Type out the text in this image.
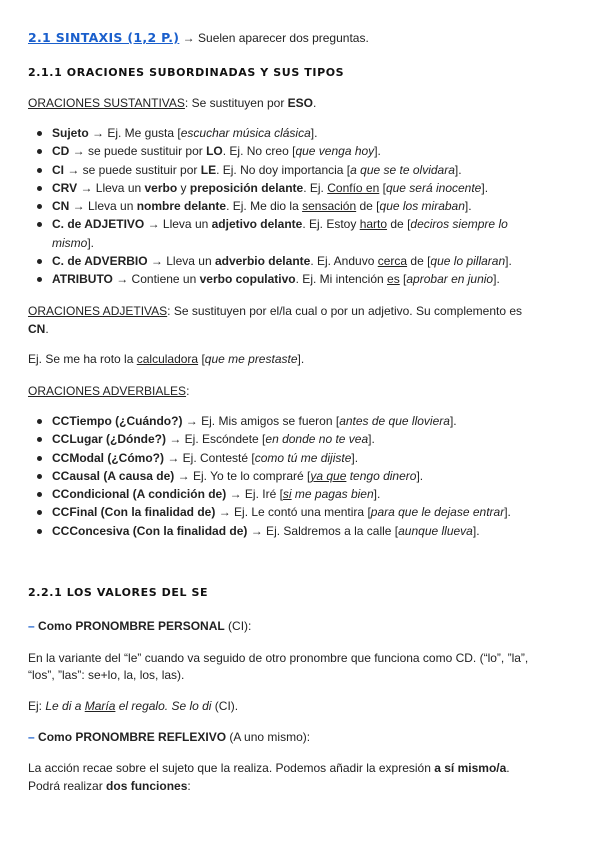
2.1 SINTAXIS (1,2 P.) → Suelen aparecer dos preguntas.
2.1.1 ORACIONES SUBORDINADAS Y SUS TIPOS
ORACIONES SUSTANTIVAS: Se sustituyen por ESO.
Sujeto → Ej. Me gusta [escuchar música clásica].
CD → se puede sustituir por LO. Ej. No creo [que venga hoy].
CI → se puede sustituir por LE. Ej. No doy importancia [a que se te olvidara].
CRV → Lleva un verbo y preposición delante. Ej. Confío en [que será inocente].
CN → Lleva un nombre delante. Ej. Me dio la sensación de [que los miraban].
C. de ADJETIVO → Lleva un adjetivo delante. Ej. Estoy harto de [deciros siempre lo
mismo].
C. de ADVERBIO → Lleva un adverbio delante. Ej. Anduvo cerca de [que lo pillaran].
ATRIBUTO → Contiene un verbo copulativo. Ej. Mi intención es [aprobar en junio].
ORACIONES ADJETIVAS: Se sustituyen por el/la cual o por un adjetivo. Su complemento es
CN.
Ej. Se me ha roto la calculadora [que me prestaste].
ORACIONES ADVERBIALES:
CCTiempo (¿Cuándo?) → Ej. Mis amigos se fueron [antes de que lloviera].
CCLugar (¿Dónde?) → Ej. Escóndete [en donde no te vea].
CCModal (¿Cómo?) → Ej. Contesté [como tú me dijiste].
CCausal (A causa de) → Ej. Yo te lo compraré [ya que tengo dinero].
CCondicional (A condición de) → Ej. Iré [si me pagas bien].
CCFinal (Con la finalidad de) → Ej. Le contó una mentira [para que le dejase entrar].
CCConcesiva (Con la finalidad de) → Ej. Saldremos a la calle [aunque llueva].
2.2.1 LOS VALORES DEL SE
– Como PRONOMBRE PERSONAL (CI):
En la variante del “le” cuando va seguido de otro pronombre que funciona como CD. (“lo”, ”la”,
“los”, ”las”: se+lo, la, los, las).
Ej: Le di a María el regalo. Se lo di (CI).
– Como PRONOMBRE REFLEXIVO (A uno mismo):
La acción recae sobre el sujeto que la realiza. Podemos añadir la expresión a sí mismo/a.
Podrá realizar dos funciones:
